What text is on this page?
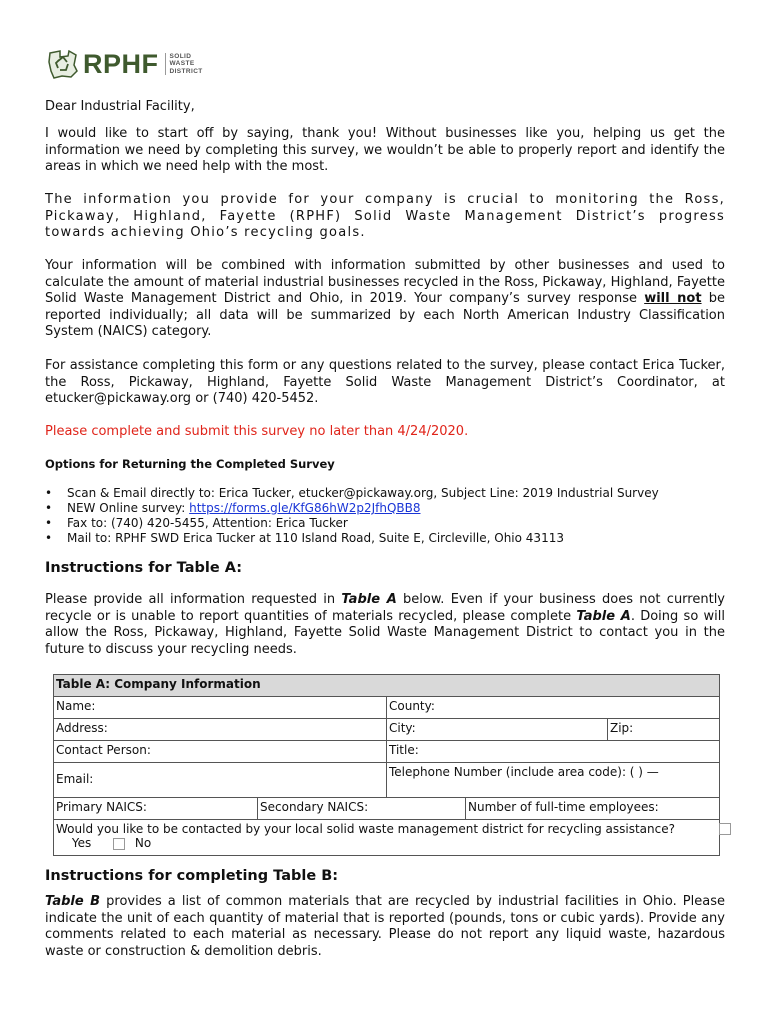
RPHF SOLID
WASTE
DISTRICT
Dear Industrial Facility,
I would like to start off by saying, thank you! Without businesses like you, helping us get the information we need by completing this survey, we wouldn’t be able to properly report and identify the areas in which we need help with the most.
The information you provide for your company is crucial to monitoring the Ross, Pickaway, Highland, Fayette (RPHF) Solid Waste Management District’s progress towards achieving Ohio’s recycling goals.
Your information will be combined with information submitted by other businesses and used to calculate the amount of material industrial businesses recycled in the Ross, Pickaway, Highland, Fayette Solid Waste Management District and Ohio, in 2019. Your company’s survey response will not be reported individually; all data will be summarized by each North American Industry Classification System (NAICS) category.
For assistance completing this form or any questions related to the survey, please contact Erica Tucker, the Ross, Pickaway, Highland, Fayette Solid Waste Management District’s Coordinator, at etucker@pickaway.org or (740) 420-5452.
Please complete and submit this survey no later than 4/24/2020.
Options for Returning the Completed Survey
• Scan & Email directly to: Erica Tucker, etucker@pickaway.org, Subject Line: 2019 Industrial Survey
• NEW Online survey: https://forms.gle/KfG86hW2p2JfhQBB8
• Fax to: (740) 420-5455, Attention: Erica Tucker
• Mail to: RPHF SWD Erica Tucker at 110 Island Road, Suite E, Circleville, Ohio 43113
Instructions for Table A:
Please provide all information requested in Table A below. Even if your business does not currently recycle or is unable to report quantities of materials recycled, please complete Table A. Doing so will allow the Ross, Pickaway, Highland, Fayette Solid Waste Management District to contact you in the future to discuss your recycling needs.
Table A: Company Information
Name:	County:
Address:	City:	Zip:
Contact Person:	Title:
Email:	Telephone Number (include area code): ( ) —
Primary NAICS:	Secondary NAICS:	Number of full-time employees:
Would you like to be contacted by your local solid waste management district for recycling assistance?

Yes	No
Instructions for completing Table B:
Table B provides a list of common materials that are recycled by industrial facilities in Ohio. Please indicate the unit of each quantity of material that is reported (pounds, tons or cubic yards). Provide any comments related to each material as necessary. Please do not report any liquid waste, hazardous waste or construction & demolition debris.
